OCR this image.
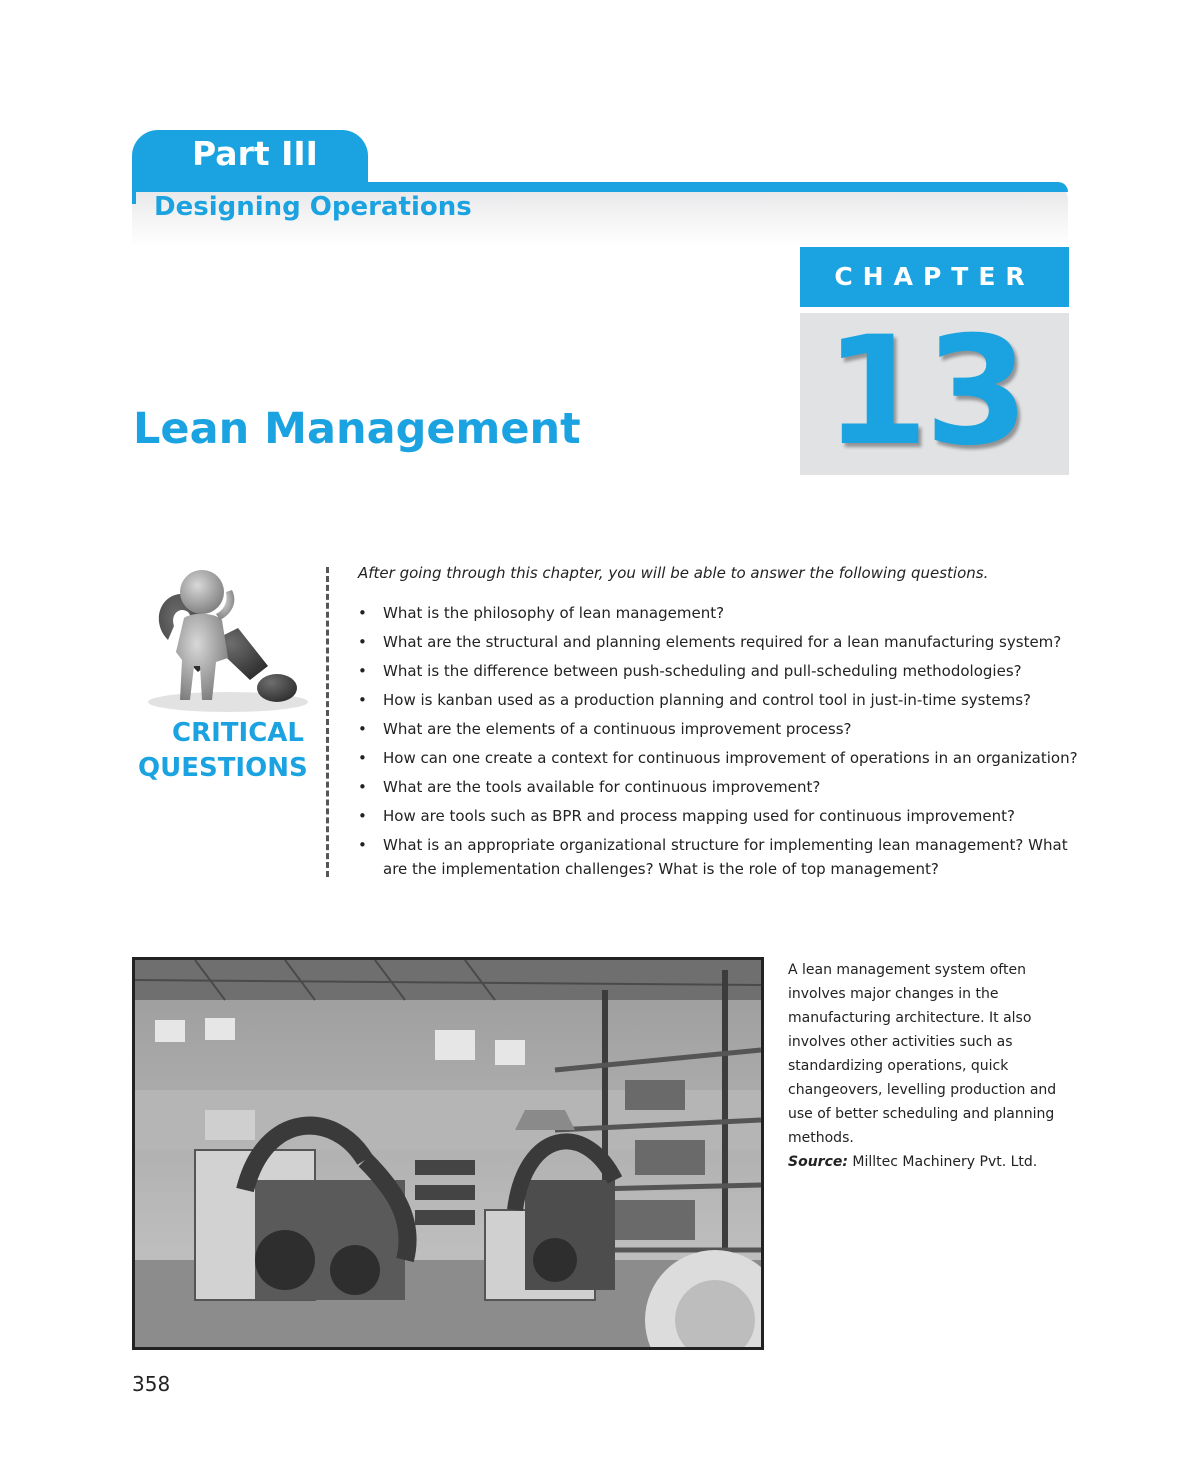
Part III
Designing Operations
CHAPTER
13
Lean Management
CRITICAL
QUESTIONS
After going through this chapter, you will be able to answer the following questions.
• What is the philosophy of lean management?
• What are the structural and planning elements required for a lean manufacturing system?
• What is the difference between push-scheduling and pull-scheduling methodologies?
• How is kanban used as a production planning and control tool in just-in-time systems?
• What are the elements of a continuous improvement process?
• How can one create a context for continuous improvement of operations in an organization?
• What are the tools available for continuous improvement?
• How are tools such as BPR and process mapping used for continuous improvement?
• What is an appropriate organizational structure for implementing lean management? What are the implementation challenges? What is the role of top management?
A lean management system often involves major changes in the manufacturing architecture. It also involves other activities such as standardizing operations, quick changeovers, levelling production and use of better scheduling and planning methods.
Source: Milltec Machinery Pvt. Ltd.
358
